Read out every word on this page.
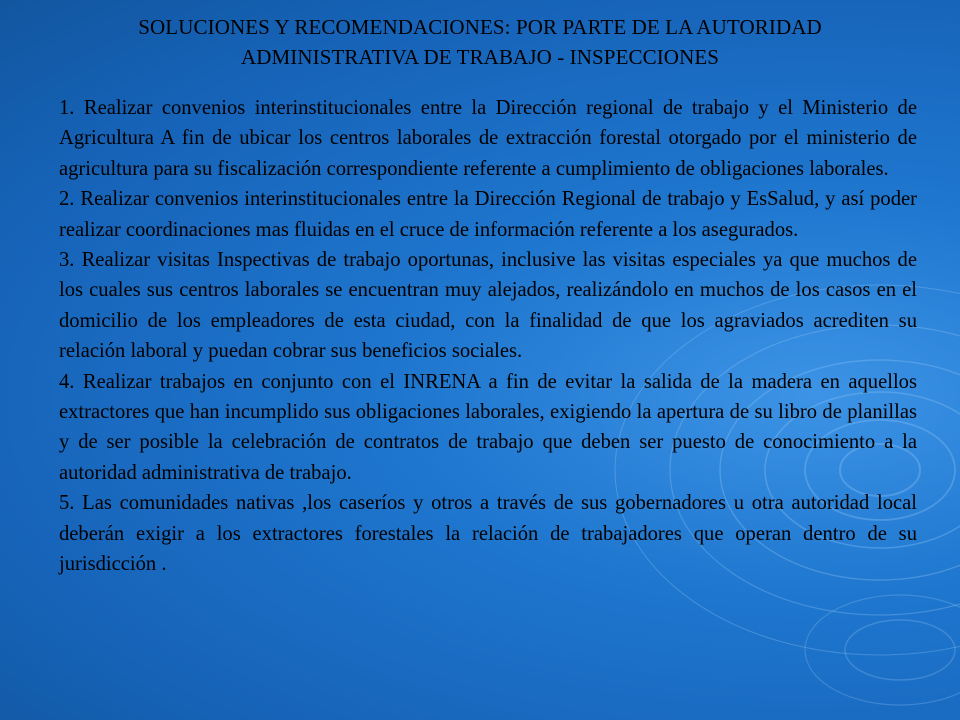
SOLUCIONES Y RECOMENDACIONES: POR PARTE DE LA AUTORIDAD
ADMINISTRATIVA DE TRABAJO - INSPECCIONES

1. Realizar convenios interinstitucionales entre la Dirección regional de trabajo y el Ministerio de Agricultura A fin de ubicar los centros laborales de extracción forestal otorgado por el ministerio de agricultura para su fiscalización correspondiente referente a cumplimiento de obligaciones laborales.

2. Realizar convenios interinstitucionales entre la Dirección Regional de trabajo y EsSalud, y así poder realizar coordinaciones mas fluidas en el cruce de información referente a los asegurados.

3. Realizar visitas Inspectivas de trabajo oportunas, inclusive las visitas especiales ya que muchos de los cuales sus centros laborales se encuentran muy alejados, realizándolo en muchos de los casos en el domicilio de los empleadores de esta ciudad, con la finalidad de que los agraviados acrediten su relación laboral y puedan cobrar sus beneficios sociales.

4. Realizar trabajos en conjunto con el INRENA a fin de evitar la salida de la madera en aquellos extractores que han incumplido sus obligaciones laborales, exigiendo la apertura de su libro de planillas y de ser posible la celebración de contratos de trabajo que deben ser puesto de conocimiento a la autoridad administrativa de trabajo.

5. Las comunidades nativas ,los caseríos y otros a través de sus gobernadores u otra autoridad local deberán exigir a los extractores forestales la relación de trabajadores que operan dentro de su jurisdicción .
